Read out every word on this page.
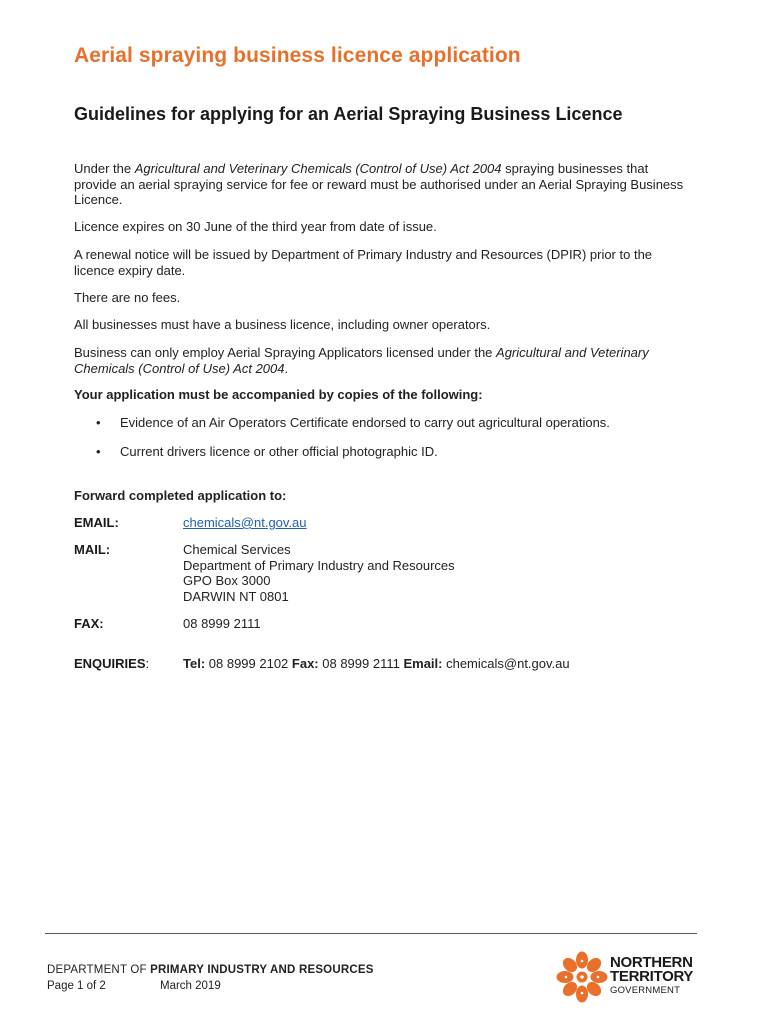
Aerial spraying business licence application
Guidelines for applying for an Aerial Spraying Business Licence
Under the Agricultural and Veterinary Chemicals (Control of Use) Act 2004 spraying businesses that provide an aerial spraying service for fee or reward must be authorised under an Aerial Spraying Business Licence.
Licence expires on 30 June of the third year from date of issue.
A renewal notice will be issued by Department of Primary Industry and Resources (DPIR) prior to the licence expiry date.
There are no fees.
All businesses must have a business licence, including owner operators.
Business can only employ Aerial Spraying Applicators licensed under the Agricultural and Veterinary Chemicals (Control of Use) Act 2004.
Your application must be accompanied by copies of the following:
• Evidence of an Air Operators Certificate endorsed to carry out agricultural operations.
• Current drivers licence or other official photographic ID.
Forward completed application to:
EMAIL:	chemicals@nt.gov.au
MAIL:	Chemical Services
Department of Primary Industry and Resources
GPO Box 3000
DARWIN NT 0801
FAX:	08 8999 2111
ENQUIRIES:	Tel: 08 8999 2102 Fax: 08 8999 2111 Email: chemicals@nt.gov.au
DEPARTMENT OF PRIMARY INDUSTRY AND RESOURCES
Page 1 of 2	March 2019
NORTHERN
TERRITORY
GOVERNMENT
